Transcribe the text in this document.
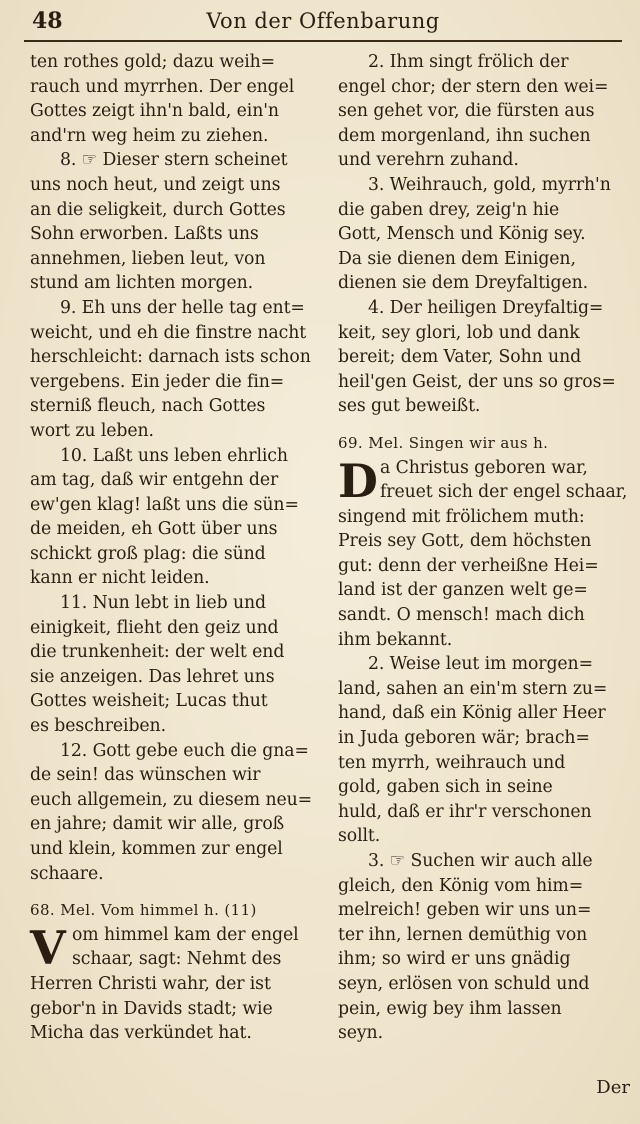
48	Von der Offenbarung
ten rothes gold; dazu weih=
rauch und myrrhen. Der engel
Gottes zeigt ihn'n bald, ein'n
and'rn weg heim zu ziehen.
8. ☞ Dieser stern scheinet
uns noch heut, und zeigt uns
an die seligkeit, durch Gottes
Sohn erworben. Laßts uns
annehmen, lieben leut, von
stund am lichten morgen.
9. Eh uns der helle tag ent=
weicht, und eh die finstre nacht
herschleicht: darnach ists schon
vergebens. Ein jeder die fin=
sterniß fleuch, nach Gottes
wort zu leben.
10. Laßt uns leben ehrlich
am tag, daß wir entgehn der
ew'gen klag! laßt uns die sün=
de meiden, eh Gott über uns
schickt groß plag: die sünd
kann er nicht leiden.
11. Nun lebt in lieb und
einigkeit, flieht den geiz und
die trunkenheit: der welt end
sie anzeigen. Das lehret uns
Gottes weisheit; Lucas thut
es beschreiben.
12. Gott gebe euch die gna=
de sein! das wünschen wir
euch allgemein, zu diesem neu=
en jahre; damit wir alle, groß
und klein, kommen zur engel
schaare.
68. Mel. Vom himmel h. (11)
V om himmel kam der engel
schaar, sagt: Nehmt des
Herren Christi wahr, der ist
gebor'n in Davids stadt; wie
Micha das verkündet hat.
2. Ihm singt frölich der
engel chor; der stern den wei=
sen gehet vor, die fürsten aus
dem morgenland, ihn suchen
und verehrn zuhand.
3. Weihrauch, gold, myrrh'n
die gaben drey, zeig'n hie
Gott, Mensch und König sey.
Da sie dienen dem Einigen,
dienen sie dem Dreyfaltigen.
4. Der heiligen Dreyfaltig=
keit, sey glori, lob und dank
bereit; dem Vater, Sohn und
heil'gen Geist, der uns so gros=
ses gut beweißt.
69. Mel. Singen wir aus h.
D a Christus geboren war,
freuet sich der engel schaar,
singend mit frölichem muth:
Preis sey Gott, dem höchsten
gut: denn der verheißne Hei=
land ist der ganzen welt ge=
sandt. O mensch! mach dich
ihm bekannt.
2. Weise leut im morgen=
land, sahen an ein'm stern zu=
hand, daß ein König aller Heer
in Juda geboren wär; brach=
ten myrrh, weihrauch und
gold, gaben sich in seine
huld, daß er ihr'r verschonen
sollt.
3. ☞ Suchen wir auch alle
gleich, den König vom him=
melreich! geben wir uns un=
ter ihn, lernen demüthig von
ihm; so wird er uns gnädig
seyn, erlösen von schuld und
pein, ewig bey ihm lassen
seyn.
Der
